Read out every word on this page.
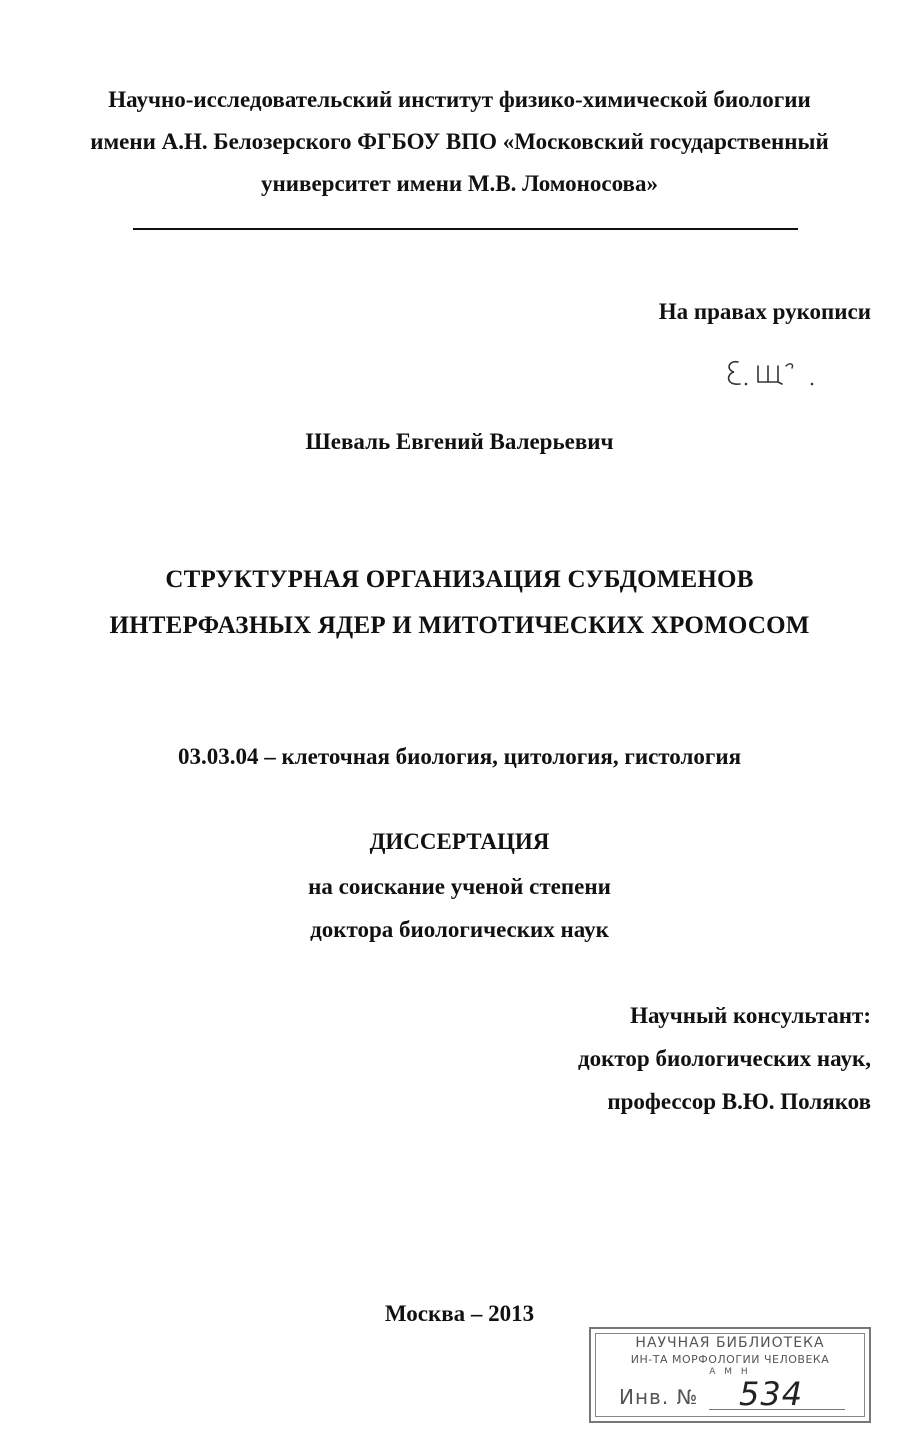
Научно-исследовательский институт физико-химической биологии
имени А.Н. Белозерского ФГБОУ ВПО «Московский государственный
университет имени М.В. Ломоносова»
На правах рукописи
Шеваль Евгений Валерьевич
СТРУКТУРНАЯ ОРГАНИЗАЦИЯ СУБДОМЕНОВ
ИНТЕРФАЗНЫХ ЯДЕР И МИТОТИЧЕСКИХ ХРОМОСОМ
03.03.04 – клеточная биология, цитология, гистология
ДИССЕРТАЦИЯ
на соискание ученой степени
доктора биологических наук
Научный консультант:
доктор биологических наук,
профессор В.Ю. Поляков
Москва – 2013
НАУЧНАЯ БИБЛИОТЕКА
ИН-ТА МОРФОЛОГИИ ЧЕЛОВЕКА
А М Н
Инв. № 534
